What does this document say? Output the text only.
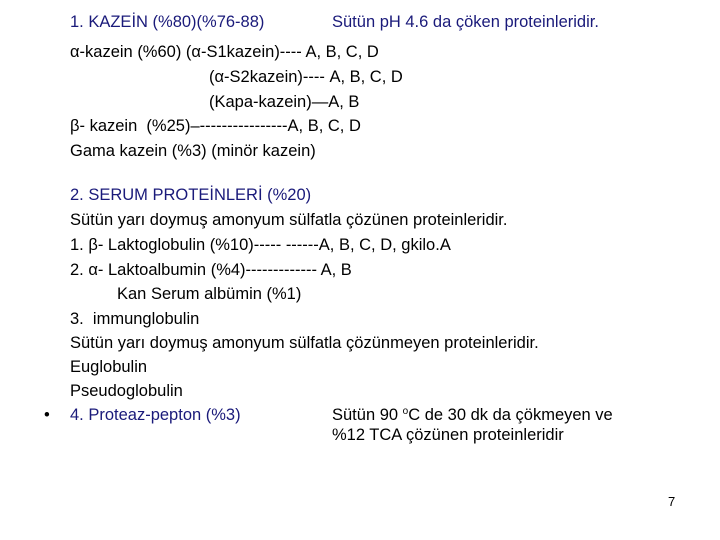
1. KAZEİN (%80)(%76-88)	Sütün pH 4.6 da çöken proteinleridir.
α-kazein (%60) (α-S1kazein)---- A, B, C, D
(α-S2kazein)---- A, B, C, D
(Kapa-kazein)—A, B
β- kazein  (%25)–----------------A, B, C, D
Gama kazein (%3) (minör kazein)
2. SERUM PROTEİNLERİ (%20)
Sütün yarı doymuş amonyum sülfatla çözünen proteinleridir.
1. β- Laktoglobulin (%10)----- ------A, B, C, D, gkilo.A
2. α- Laktoalbumin (%4)------------- A, B
Kan Serum albümin (%1)
3.  immunglobulin
Sütün yarı doymuş amonyum sülfatla çözünmeyen proteinleridir.
Euglobulin
Pseudoglobulin
• 4. Proteaz-pepton (%3)	Sütün 90 $^o$C de 30 dk da çökmeyen ve
%12 TCA çözünen proteinleridir
7
